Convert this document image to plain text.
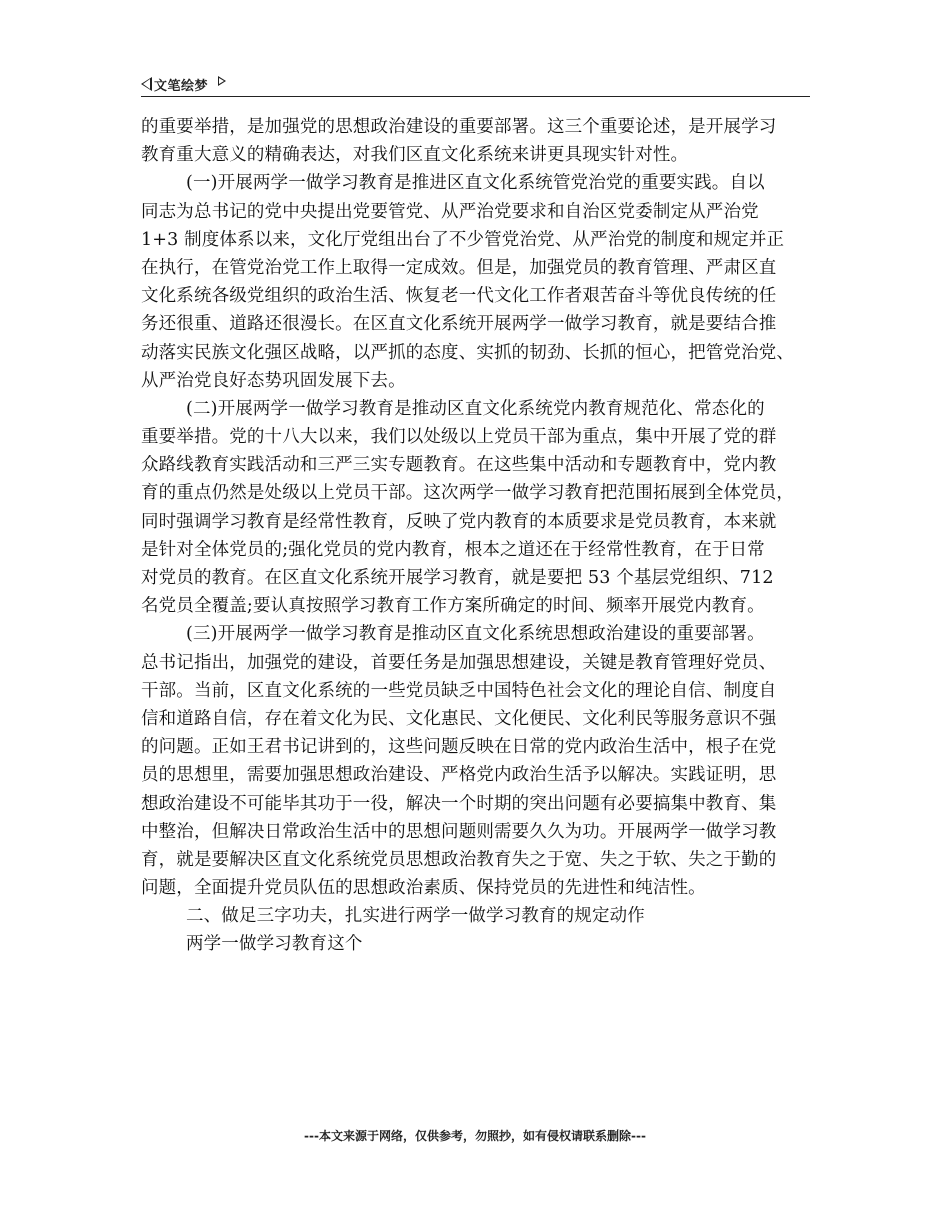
文笔绘梦
的重要举措，是加强党的思想政治建设的重要部署。这三个重要论述，是开展学习
教育重大意义的精确表达，对我们区直文化系统来讲更具现实针对性。
(一)开展两学一做学习教育是推进区直文化系统管党治党的重要实践。自以
同志为总书记的党中央提出党要管党、从严治党要求和自治区党委制定从严治党
1+3 制度体系以来，文化厅党组出台了不少管党治党、从严治党的制度和规定并正
在执行，在管党治党工作上取得一定成效。但是，加强党员的教育管理、严肃区直
文化系统各级党组织的政治生活、恢复老一代文化工作者艰苦奋斗等优良传统的任
务还很重、道路还很漫长。在区直文化系统开展两学一做学习教育，就是要结合推
动落实民族文化强区战略，以严抓的态度、实抓的韧劲、长抓的恒心，把管党治党、
从严治党良好态势巩固发展下去。
(二)开展两学一做学习教育是推动区直文化系统党内教育规范化、常态化的
重要举措。党的十八大以来，我们以处级以上党员干部为重点，集中开展了党的群
众路线教育实践活动和三严三实专题教育。在这些集中活动和专题教育中，党内教
育的重点仍然是处级以上党员干部。这次两学一做学习教育把范围拓展到全体党员，
同时强调学习教育是经常性教育，反映了党内教育的本质要求是党员教育，本来就
是针对全体党员的;强化党员的党内教育，根本之道还在于经常性教育，在于日常
对党员的教育。在区直文化系统开展学习教育，就是要把 53 个基层党组织、712
名党员全覆盖;要认真按照学习教育工作方案所确定的时间、频率开展党内教育。
(三)开展两学一做学习教育是推动区直文化系统思想政治建设的重要部署。
总书记指出，加强党的建设，首要任务是加强思想建设，关键是教育管理好党员、
干部。当前，区直文化系统的一些党员缺乏中国特色社会文化的理论自信、制度自
信和道路自信，存在着文化为民、文化惠民、文化便民、文化利民等服务意识不强
的问题。正如王君书记讲到的，这些问题反映在日常的党内政治生活中，根子在党
员的思想里，需要加强思想政治建设、严格党内政治生活予以解决。实践证明，思
想政治建设不可能毕其功于一役，解决一个时期的突出问题有必要搞集中教育、集
中整治，但解决日常政治生活中的思想问题则需要久久为功。开展两学一做学习教
育，就是要解决区直文化系统党员思想政治教育失之于宽、失之于软、失之于勤的
问题，全面提升党员队伍的思想政治素质、保持党员的先进性和纯洁性。
二、做足三字功夫，扎实进行两学一做学习教育的规定动作
两学一做学习教育这个
---本文来源于网络，仅供参考，勿照抄，如有侵权请联系删除---
